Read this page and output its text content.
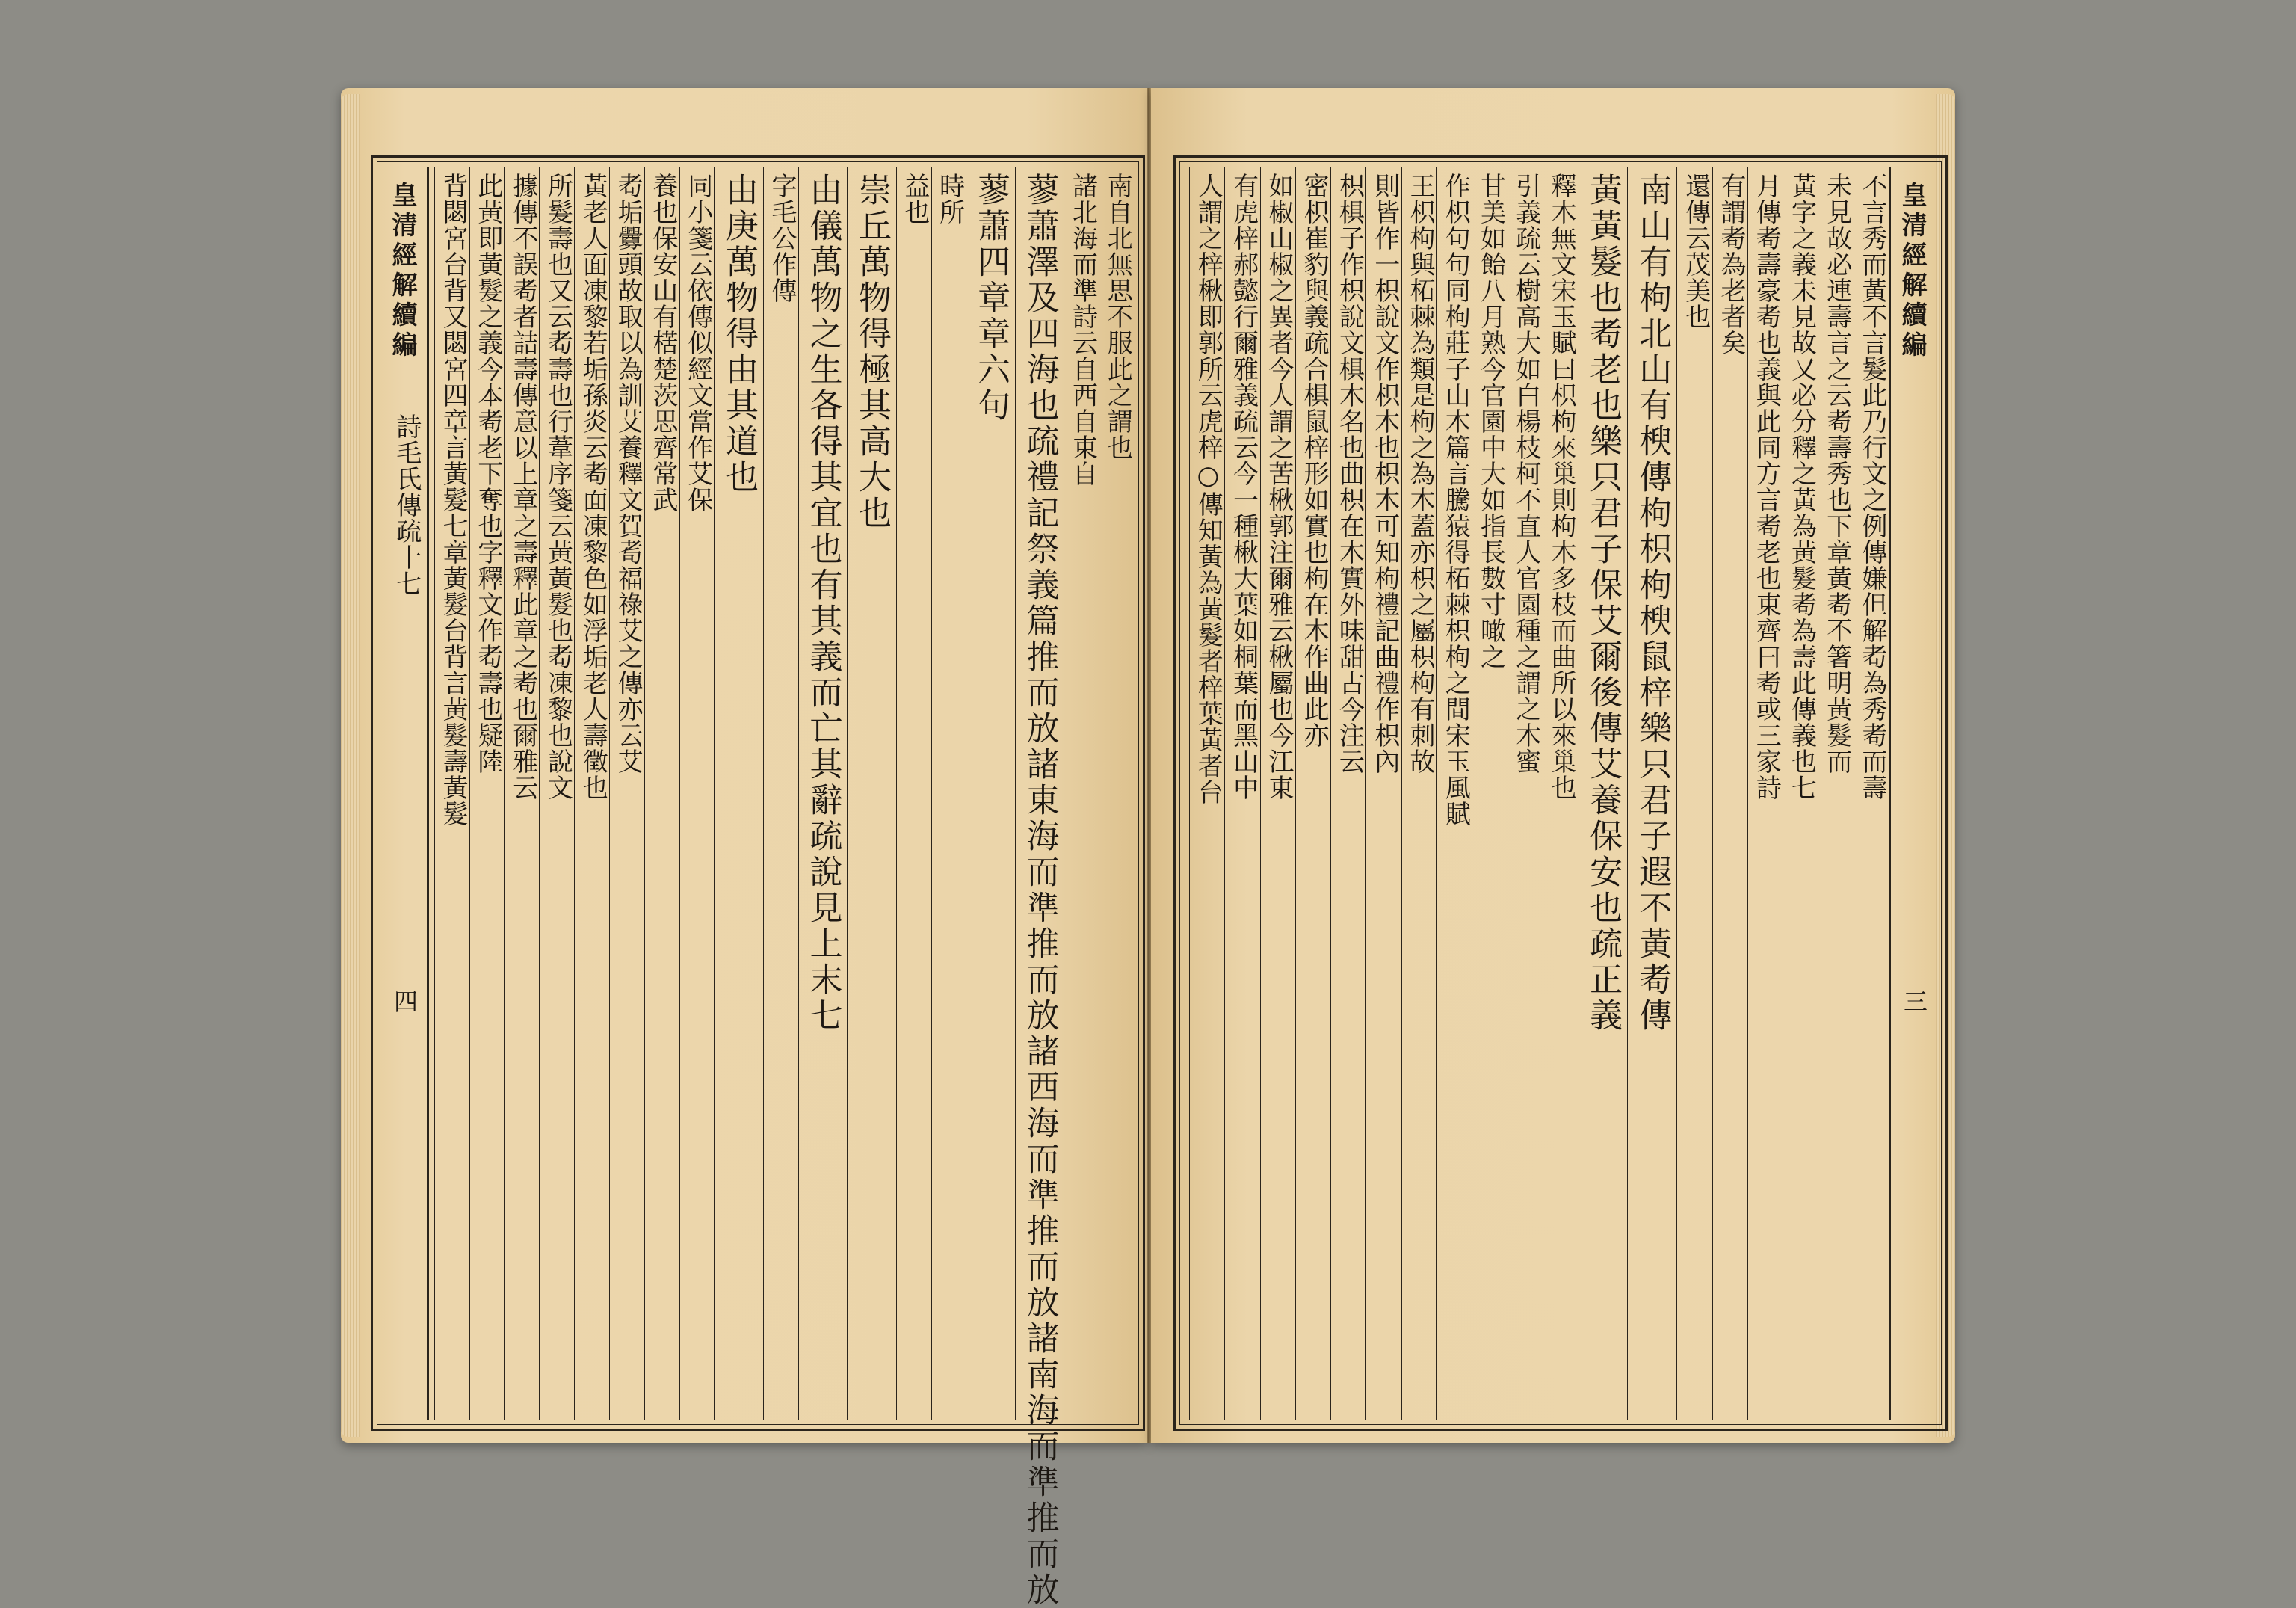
皇清經解續編
詩毛氏傳疏十七
四
南自北無思不服此之謂也
諸北海而準詩云自西自東自
蓼蕭澤及四海也疏禮記祭義篇推而放諸東海而準推而放諸西海而準推而放諸南海而準推而放
蓼蕭四章章六句
時所
益也
崇丘萬物得極其高大也
由儀萬物之生各得其宜也有其義而亡其辭疏說見上末七
字毛公作傳
由庚萬物得由其道也
同小箋云依傳似經文當作艾保
養也保安山有楛楚茨思齊常武
耇垢釁頭故取以為訓艾養釋文賀耉福祿艾之傳亦云艾
黃老人面凍黎若垢孫炎云耇面凍黎色如浮垢老人壽徵也
所髮壽也又云耇壽也行葦序箋云黃黃髮也耇凍黎也說文
據傳不誤耇者詰壽傳意以上章之壽釋此章之耇也爾雅云
此黃即黃髮之義今本耇老下奪也字釋文作耇壽也疑陸
背閟宮台背又閟宮四章言黃髮七章黃髮台背言黃髮壽黃髮	皇清經解續編
三
不言秀而黃不言髮此乃行文之例傳嫌但解耇為秀耇而壽
未見故必連壽言之云耇壽秀也下章黃耇不箸明黃髮而
黃字之義未見故又必分釋之黃為黃髮耇為壽此傳義也七
月傳耇壽豪耇也義與此同方言耇老也東齊曰耇或三家詩
有謂耇為老者矣
還傳云茂美也
南山有枸北山有楰傳枸枳枸楰鼠梓樂只君子遐不黃耇傳
黃黃髮也耇老也樂只君子保艾爾後傳艾養保安也疏正義
釋木無文宋玉賦曰枳枸來巢則枸木多枝而曲所以來巢也
引義疏云樹高大如白楊枝柯不直人官園種之謂之木蜜
甘美如飴八月熟今官園中大如指長數寸噉之
作枳句句同枸莊子山木篇言騰猿得柘棘枳枸之間宋玉風賦
王枳枸與柘棘為類是枸之為木蓋亦枳之屬枳枸有刺故
則皆作一枳說文作枳木也枳木可知枸禮記曲禮作枳內
枳椇子作枳說文椇木名也曲枳在木實外味甜古今注云
密枳崔豹與義疏合椇鼠梓形如實也枸在木作曲此亦
如椒山椒之異者今人謂之苦楸郭注爾雅云楸屬也今江東
有虎梓郝懿行爾雅義疏云今一種楸大葉如桐葉而黑山中
人謂之梓楸即郭所云虎梓○傳知黃為黃髮者梓葉黃者台
